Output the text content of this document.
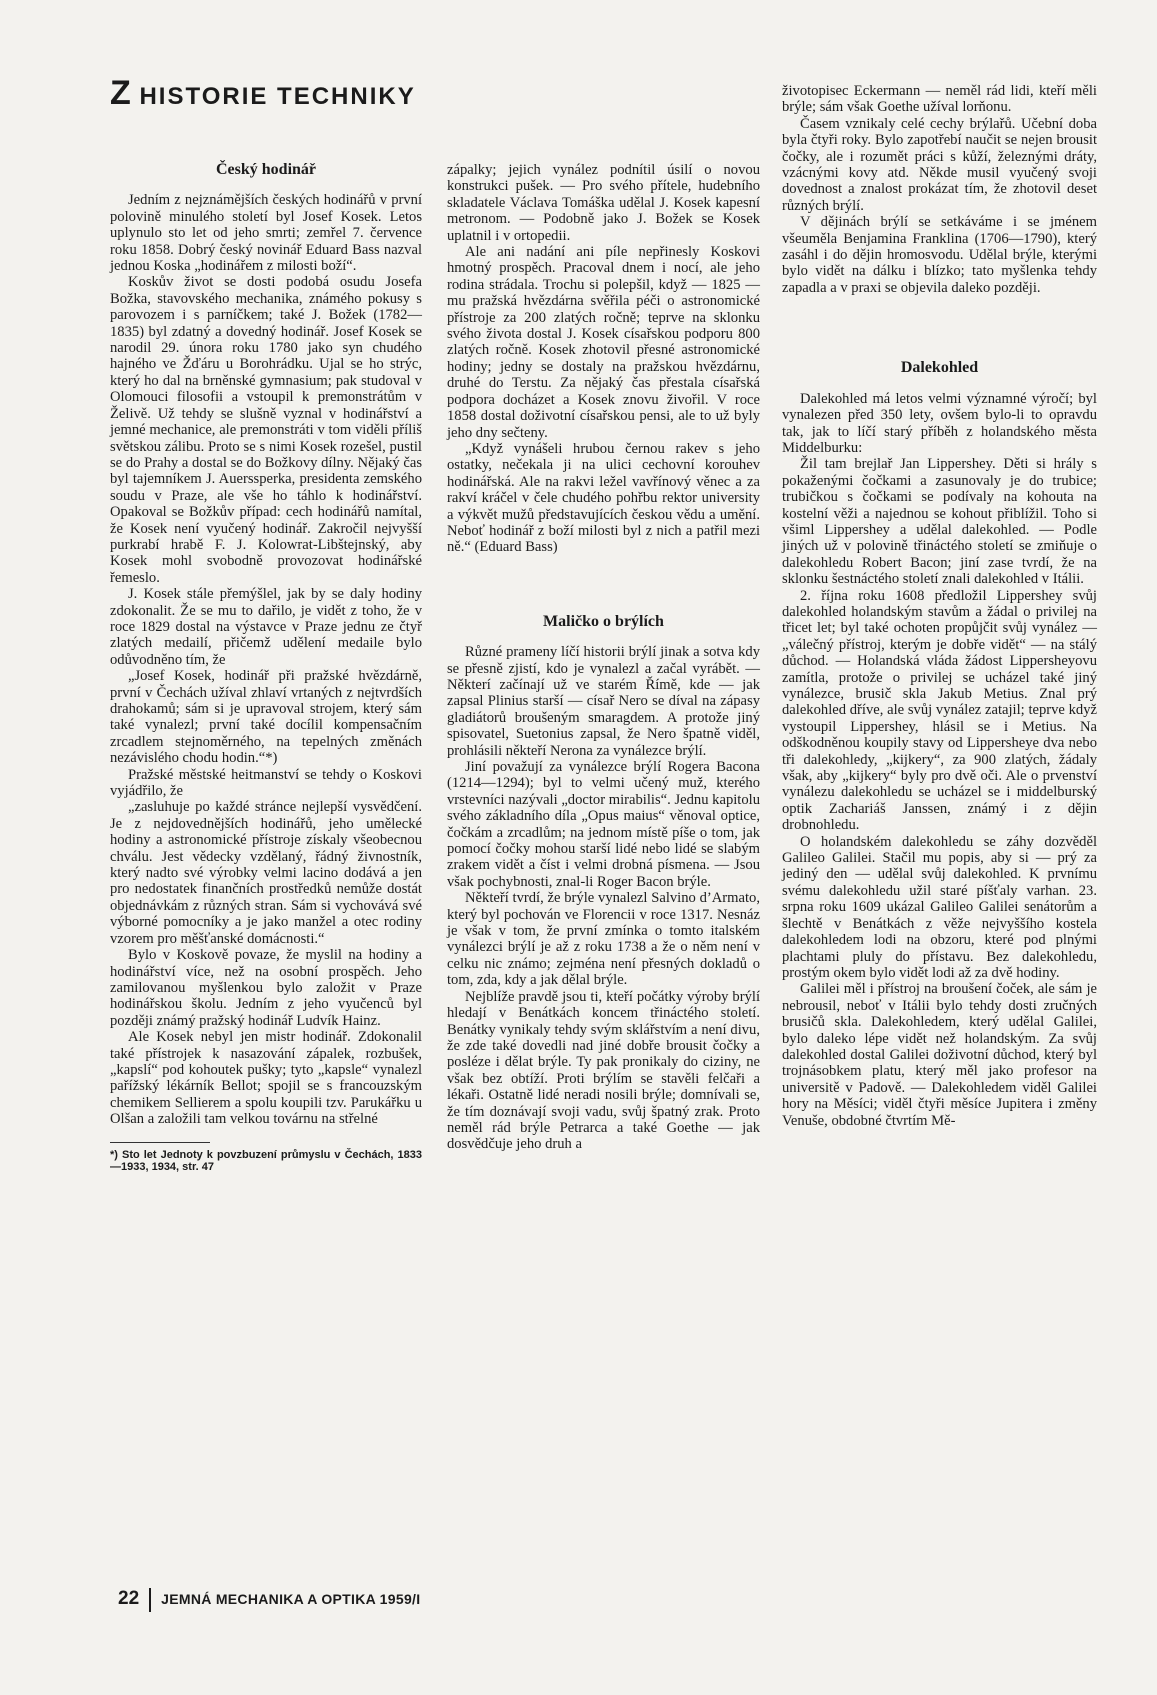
Z HISTORIE TECHNIKY
Český hodinář

Jedním z nejznámějších českých hodinářů v první polovině minulého století byl Josef Kosek. Letos uplynulo sto let od jeho smrti; zemřel 7. července roku 1858. Dobrý český novinář Eduard Bass nazval jednou Koska „hodinářem z milosti boží“.

Koskův život se dosti podobá osudu Josefa Božka, stavovského mechanika, známého pokusy s parovozem i s parníčkem; také J. Božek (1782—1835) byl zdatný a dovedný hodinář. Josef Kosek se narodil 29. února roku 1780 jako syn chudého hajného ve Žďáru u Borohrádku. Ujal se ho strýc, který ho dal na brněnské gymnasium; pak studoval v Olomouci filosofii a vstoupil k premonstrátům v Želivě. Už tehdy se slušně vyznal v hodinářství a jemné mechanice, ale premonstráti v tom viděli příliš světskou zálibu. Proto se s nimi Kosek rozešel, pustil se do Prahy a dostal se do Božkovy dílny. Nějaký čas byl tajemníkem J. Auerssperka, presidenta zemského soudu v Praze, ale vše ho táhlo k hodinářství. Opakoval se Božkův případ: cech hodinářů namítal, že Kosek není vyučený hodinář. Zakročil nejvyšší purkrabí hrabě F. J. Kolowrat-Libštejnský, aby Kosek mohl svobodně provozovat hodinářské řemeslo.

J. Kosek stále přemýšlel, jak by se daly hodiny zdokonalit. Že se mu to dařilo, je vidět z toho, že v roce 1829 dostal na výstavce v Praze jednu ze čtyř zlatých medailí, přičemž udělení medaile bylo odůvodněno tím, že

„Josef Kosek, hodinář při pražské hvězdárně, první v Čechách užíval zhlaví vrtaných z nejtvrdších drahokamů; sám si je upravoval strojem, který sám také vynalezl; první také docílil kompensačním zrcadlem stejnoměrného, na tepelných změnách nezávislého chodu hodin.“*)

Pražské městské heitmanství se tehdy o Koskovi vyjádřilo, že

„zasluhuje po každé stránce nejlepší vysvědčení. Je z nejdovednějších hodinářů, jeho umělecké hodiny a astronomické přístroje získaly všeobecnou chválu. Jest vědecky vzdělaný, řádný živnostník, který nadto své výrobky velmi lacino dodává a jen pro nedostatek finančních prostředků nemůže dostát objednávkám z různých stran. Sám si vychovává své výborné pomocníky a je jako manžel a otec rodiny vzorem pro měšťanské domácnosti.“

Bylo v Koskově povaze, že myslil na hodiny a hodinářství více, než na osobní prospěch. Jeho zamilovanou myšlenkou bylo založit v Praze hodinářskou školu. Jedním z jeho vyučenců byl později známý pražský hodinář Ludvík Hainz.

Ale Kosek nebyl jen mistr hodinář. Zdokonalil také přístrojek k nasazování zápalek, rozbušek, „kapslí“ pod kohoutek pušky; tyto „kapsle“ vynalezl pařížský lékárník Bellot; spojil se s francouzským chemikem Sellierem a spolu koupili tzv. Parukářku u Olšan a založili tam velkou továrnu na střelné

*) Sto let Jednoty k povzbuzení průmyslu v Čechách, 1833—1933, 1934, str. 47

zápalky; jejich vynález podnítil úsilí o novou konstrukci pušek. — Pro svého přítele, hudebního skladatele Václava Tomáška udělal J. Kosek kapesní metronom. — Podobně jako J. Božek se Kosek uplatnil i v ortopedii.

Ale ani nadání ani píle nepřinesly Koskovi hmotný prospěch. Pracoval dnem i nocí, ale jeho rodina strádala. Trochu si polepšil, když — 1825 — mu pražská hvězdárna svěřila péči o astronomické přístroje za 200 zlatých ročně; teprve na sklonku svého života dostal J. Kosek císařskou podporu 800 zlatých ročně. Kosek zhotovil přesné astronomické hodiny; jedny se dostaly na pražskou hvězdárnu, druhé do Terstu. Za nějaký čas přestala císařská podpora docházet a Kosek znovu živořil. V roce 1858 dostal doživotní císařskou pensi, ale to už byly jeho dny sečteny.

„Když vynášeli hrubou černou rakev s jeho ostatky, nečekala ji na ulici cechovní korouhev hodinářská. Ale na rakvi ležel vavřínový věnec a za rakví kráčel v čele chudého pohřbu rektor university a výkvět mužů představujících českou vědu a umění. Neboť hodinář z boží milosti byl z nich a patřil mezi ně.“ (Eduard Bass)

Maličko o brýlích

Různé prameny líčí historii brýlí jinak a sotva kdy se přesně zjistí, kdo je vynalezl a začal vyrábět. — Některí začínají už ve starém Římě, kde — jak zapsal Plinius starší — císař Nero se díval na zápasy gladiátorů broušeným smaragdem. A protože jiný spisovatel, Suetonius zapsal, že Nero špatně viděl, prohlásili někteří Nerona za vynálezce brýlí.

Jiní považují za vynálezce brýlí Rogera Bacona (1214—1294); byl to velmi učený muž, kterého vrstevníci nazývali „doctor mirabilis“. Jednu kapitolu svého základního díla „Opus maius“ věnoval optice, čočkám a zrcadlům; na jednom místě píše o tom, jak pomocí čočky mohou starší lidé nebo lidé se slabým zrakem vidět a číst i velmi drobná písmena. — Jsou však pochybnosti, znal-li Roger Bacon brýle.

Někteří tvrdí, že brýle vynalezl Salvino d’Armato, který byl pochován ve Florencii v roce 1317. Nesnáz je však v tom, že první zmínka o tomto italském vynálezci brýlí je až z roku 1738 a že o něm není v celku nic známo; zejména není přesných dokladů o tom, zda, kdy a jak dělal brýle.

Nejblíže pravdě jsou ti, kteří počátky výroby brýlí hledají v Benátkách koncem třináctého století. Benátky vynikaly tehdy svým sklářstvím a není divu, že zde také dovedli nad jiné dobře brousit čočky a posléze i dělat brýle. Ty pak pronikaly do ciziny, ne však bez obtíží. Proti brýlím se stavěli felčaři a lékaři. Ostatně lidé neradi nosili brýle; domnívali se, že tím doznávají svoji vadu, svůj špatný zrak. Proto neměl rád brýle Petrarca a také Goethe — jak dosvědčuje jeho druh a

životopisec Eckermann — neměl rád lidi, kteří měli brýle; sám však Goethe užíval lorňonu.

Časem vznikaly celé cechy brýlařů. Učební doba byla čtyři roky. Bylo zapotřebí naučit se nejen brousit čočky, ale i rozumět práci s kůží, železnými dráty, vzácnými kovy atd. Někde musil vyučený svoji dovednost a znalost prokázat tím, že zhotovil deset různých brýlí.

V dějinách brýlí se setkáváme i se jménem všeuměla Benjamina Franklina (1706—1790), který zasáhl i do dějin hromosvodu. Udělal brýle, kterými bylo vidět na dálku i blízko; tato myšlenka tehdy zapadla a v praxi se objevila daleko později.

Dalekohled

Dalekohled má letos velmi významné výročí; byl vynalezen před 350 lety, ovšem bylo-li to opravdu tak, jak to líčí starý příběh z holandského města Middelburku:

Žil tam brejlař Jan Lippershey. Děti si hrály s pokaženými čočkami a zasunovaly je do trubice; trubičkou s čočkami se podívaly na kohouta na kostelní věži a najednou se kohout přiblížil. Toho si všiml Lippershey a udělal dalekohled. — Podle jiných už v polovině třináctého století se zmiňuje o dalekohledu Robert Bacon; jiní zase tvrdí, že na sklonku šestnáctého století znali dalekohled v Itálii.

2. října roku 1608 předložil Lippershey svůj dalekohled holandským stavům a žádal o privilej na třicet let; byl také ochoten propůjčit svůj vynález — „válečný přístroj, kterým je dobře vidět“ — na stálý důchod. — Holandská vláda žádost Lippersheyovu zamítla, protože o privilej se ucházel také jiný vynálezce, brusič skla Jakub Metius. Znal prý dalekohled dříve, ale svůj vynález zatajil; teprve když vystoupil Lippershey, hlásil se i Metius. Na odškodněnou koupily stavy od Lippersheye dva nebo tři dalekohledy, „kijkery“, za 900 zlatých, žádaly však, aby „kijkery“ byly pro dvě oči. Ale o prvenství vynálezu dalekohledu se ucházel se i middelburský optik Zachariáš Janssen, známý i z dějin drobnohledu.

O holandském dalekohledu se záhy dozvěděl Galileo Galilei. Stačil mu popis, aby si — prý za jediný den — udělal svůj dalekohled. K prvnímu svému dalekohledu užil staré píšťaly varhan. 23. srpna roku 1609 ukázal Galileo Galilei senátorům a šlechtě v Benátkách z věže nejvyššího kostela dalekohledem lodi na obzoru, které pod plnými plachtami pluly do přístavu. Bez dalekohledu, prostým okem bylo vidět lodi až za dvě hodiny.

Galilei měl i přístroj na broušení čoček, ale sám je nebrousil, neboť v Itálii bylo tehdy dosti zručných brusičů skla. Dalekohledem, který udělal Galilei, bylo daleko lépe vidět než holandským. Za svůj dalekohled dostal Galilei doživotní důchod, který byl trojnásobkem platu, který měl jako profesor na universitě v Padově. — Dalekohledem viděl Galilei hory na Měsíci; viděl čtyři měsíce Jupitera i změny Venuše, obdobné čtvrtím Mě-

22 JEMNÁ MECHANIKA A OPTIKA 1959/I
